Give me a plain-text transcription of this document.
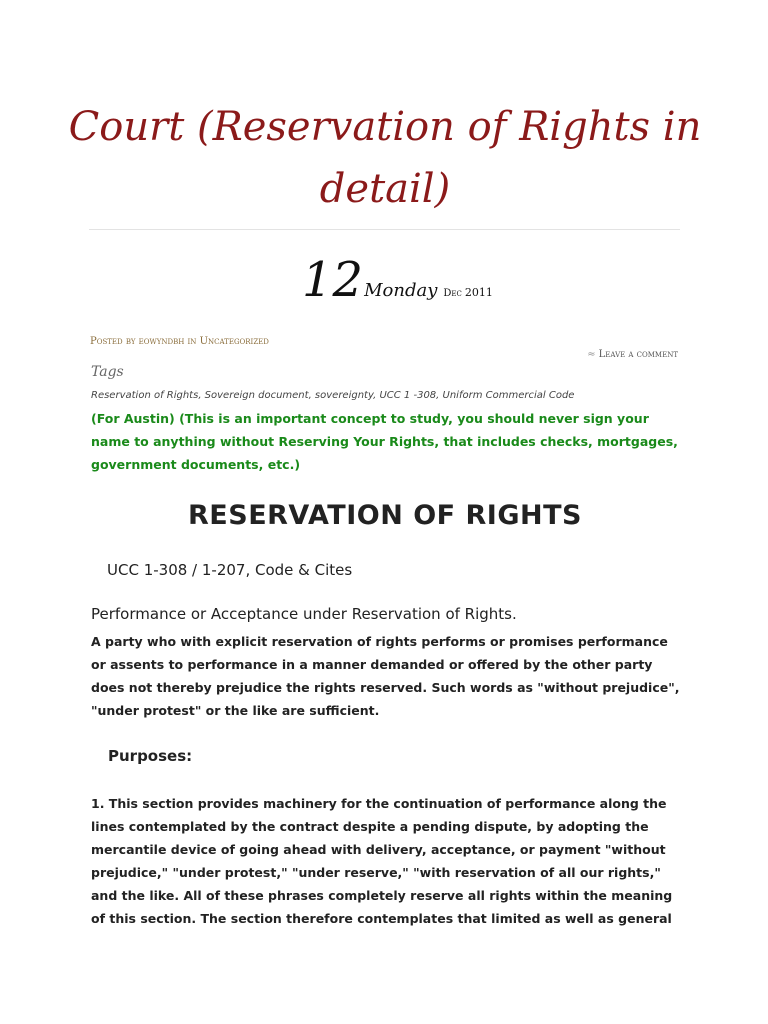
Court (Reservation of Rights in detail)
12Monday Dec 2011
Posted by eowyndbh in Uncategorized
≈ Leave a comment
Tags
Reservation of Rights, Sovereign document, sovereignty, UCC 1 -308, Uniform Commercial Code

(For Austin) (This is an important concept to study, you should never sign your name to anything without Reserving Your Rights, that includes checks, mortgages, government documents, etc.)

RESERVATION OF RIGHTS
UCC 1-308 / 1-207, Code & Cites
Performance or Acceptance under Reservation of Rights.

A party who with explicit reservation of rights performs or promises performance or assents to performance in a manner demanded or offered by the other party does not thereby prejudice the rights reserved. Such words as "without prejudice", "under protest" or the like are sufficient.

Purposes:

1. This section provides machinery for the continuation of performance along the lines contemplated by the contract despite a pending dispute, by adopting the mercantile device of going ahead with delivery, acceptance, or payment "without prejudice," "under protest," "under reserve," "with reservation of all our rights," and the like. All of these phrases completely reserve all rights within the meaning of this section. The section therefore contemplates that limited as well as general
